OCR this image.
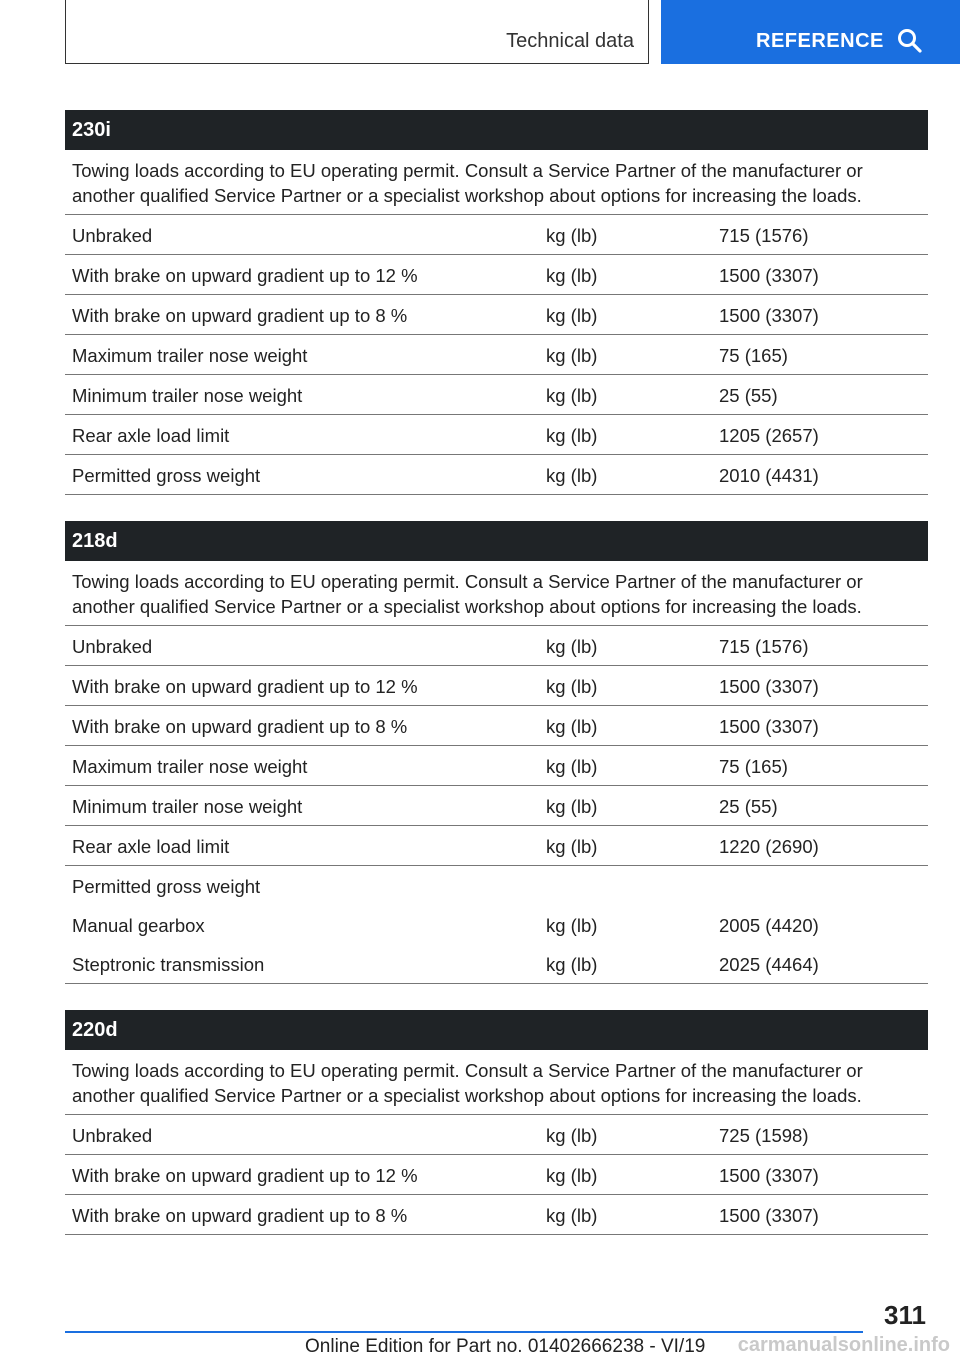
Technical data	REFERENCE
230i
Towing loads according to EU operating permit. Consult a Service Partner of the manufacturer or another qualified Service Partner or a specialist workshop about options for increasing the loads.
Unbraked	kg (lb)	715 (1576)
With brake on upward gradient up to 12 %	kg (lb)	1500 (3307)
With brake on upward gradient up to 8 %	kg (lb)	1500 (3307)
Maximum trailer nose weight	kg (lb)	75 (165)
Minimum trailer nose weight	kg (lb)	25 (55)
Rear axle load limit	kg (lb)	1205 (2657)
Permitted gross weight	kg (lb)	2010 (4431)
218d
Towing loads according to EU operating permit. Consult a Service Partner of the manufacturer or another qualified Service Partner or a specialist workshop about options for increasing the loads.
Unbraked	kg (lb)	715 (1576)
With brake on upward gradient up to 12 %	kg (lb)	1500 (3307)
With brake on upward gradient up to 8 %	kg (lb)	1500 (3307)
Maximum trailer nose weight	kg (lb)	75 (165)
Minimum trailer nose weight	kg (lb)	25 (55)
Rear axle load limit	kg (lb)	1220 (2690)
Permitted gross weight
Manual gearbox	kg (lb)	2005 (4420)
Steptronic transmission	kg (lb)	2025 (4464)
220d
Towing loads according to EU operating permit. Consult a Service Partner of the manufacturer or another qualified Service Partner or a specialist workshop about options for increasing the loads.
Unbraked	kg (lb)	725 (1598)
With brake on upward gradient up to 12 %	kg (lb)	1500 (3307)
With brake on upward gradient up to 8 %	kg (lb)	1500 (3307)
311
Online Edition for Part no. 01402666238 - VI/19 carmanualsonline.info
